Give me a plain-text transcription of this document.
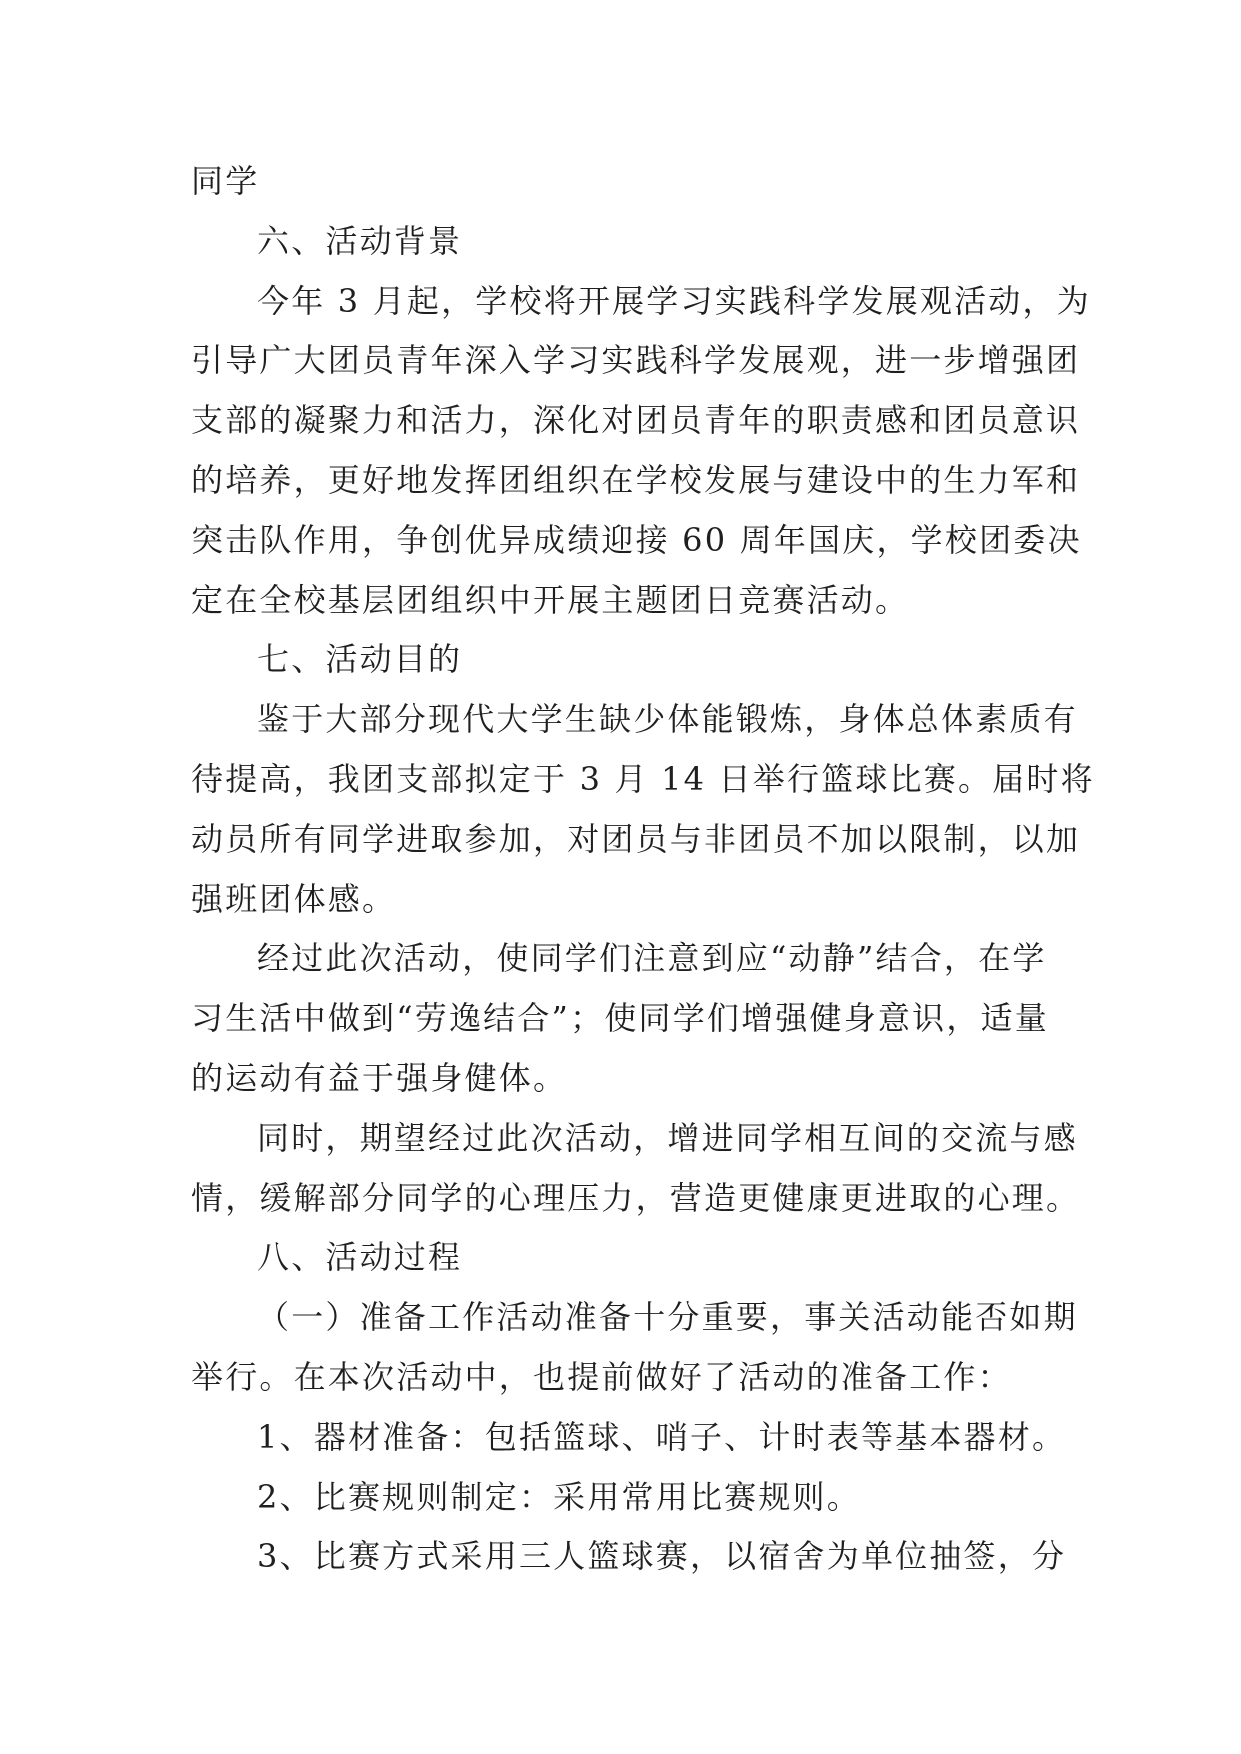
同学
六、活动背景
今年 3 月起，学校将开展学习实践科学发展观活动，为
引导广大团员青年深入学习实践科学发展观，进一步增强团
支部的凝聚力和活力，深化对团员青年的职责感和团员意识
的培养，更好地发挥团组织在学校发展与建设中的生力军和
突击队作用，争创优异成绩迎接 60 周年国庆，学校团委决
定在全校基层团组织中开展主题团日竞赛活动。
七、活动目的
鉴于大部分现代大学生缺少体能锻炼，身体总体素质有
待提高，我团支部拟定于 3 月 14 日举行篮球比赛。届时将
动员所有同学进取参加，对团员与非团员不加以限制，以加
强班团体感。
经过此次活动，使同学们注意到应“动静”结合，在学
习生活中做到“劳逸结合”；使同学们增强健身意识，适量
的运动有益于强身健体。
同时，期望经过此次活动，增进同学相互间的交流与感
情，缓解部分同学的心理压力，营造更健康更进取的心理。
八、活动过程
（一）准备工作活动准备十分重要，事关活动能否如期
举行。在本次活动中，也提前做好了活动的准备工作：
1、器材准备：包括篮球、哨子、计时表等基本器材。
2、比赛规则制定：采用常用比赛规则。
3、比赛方式采用三人篮球赛，以宿舍为单位抽签，分
